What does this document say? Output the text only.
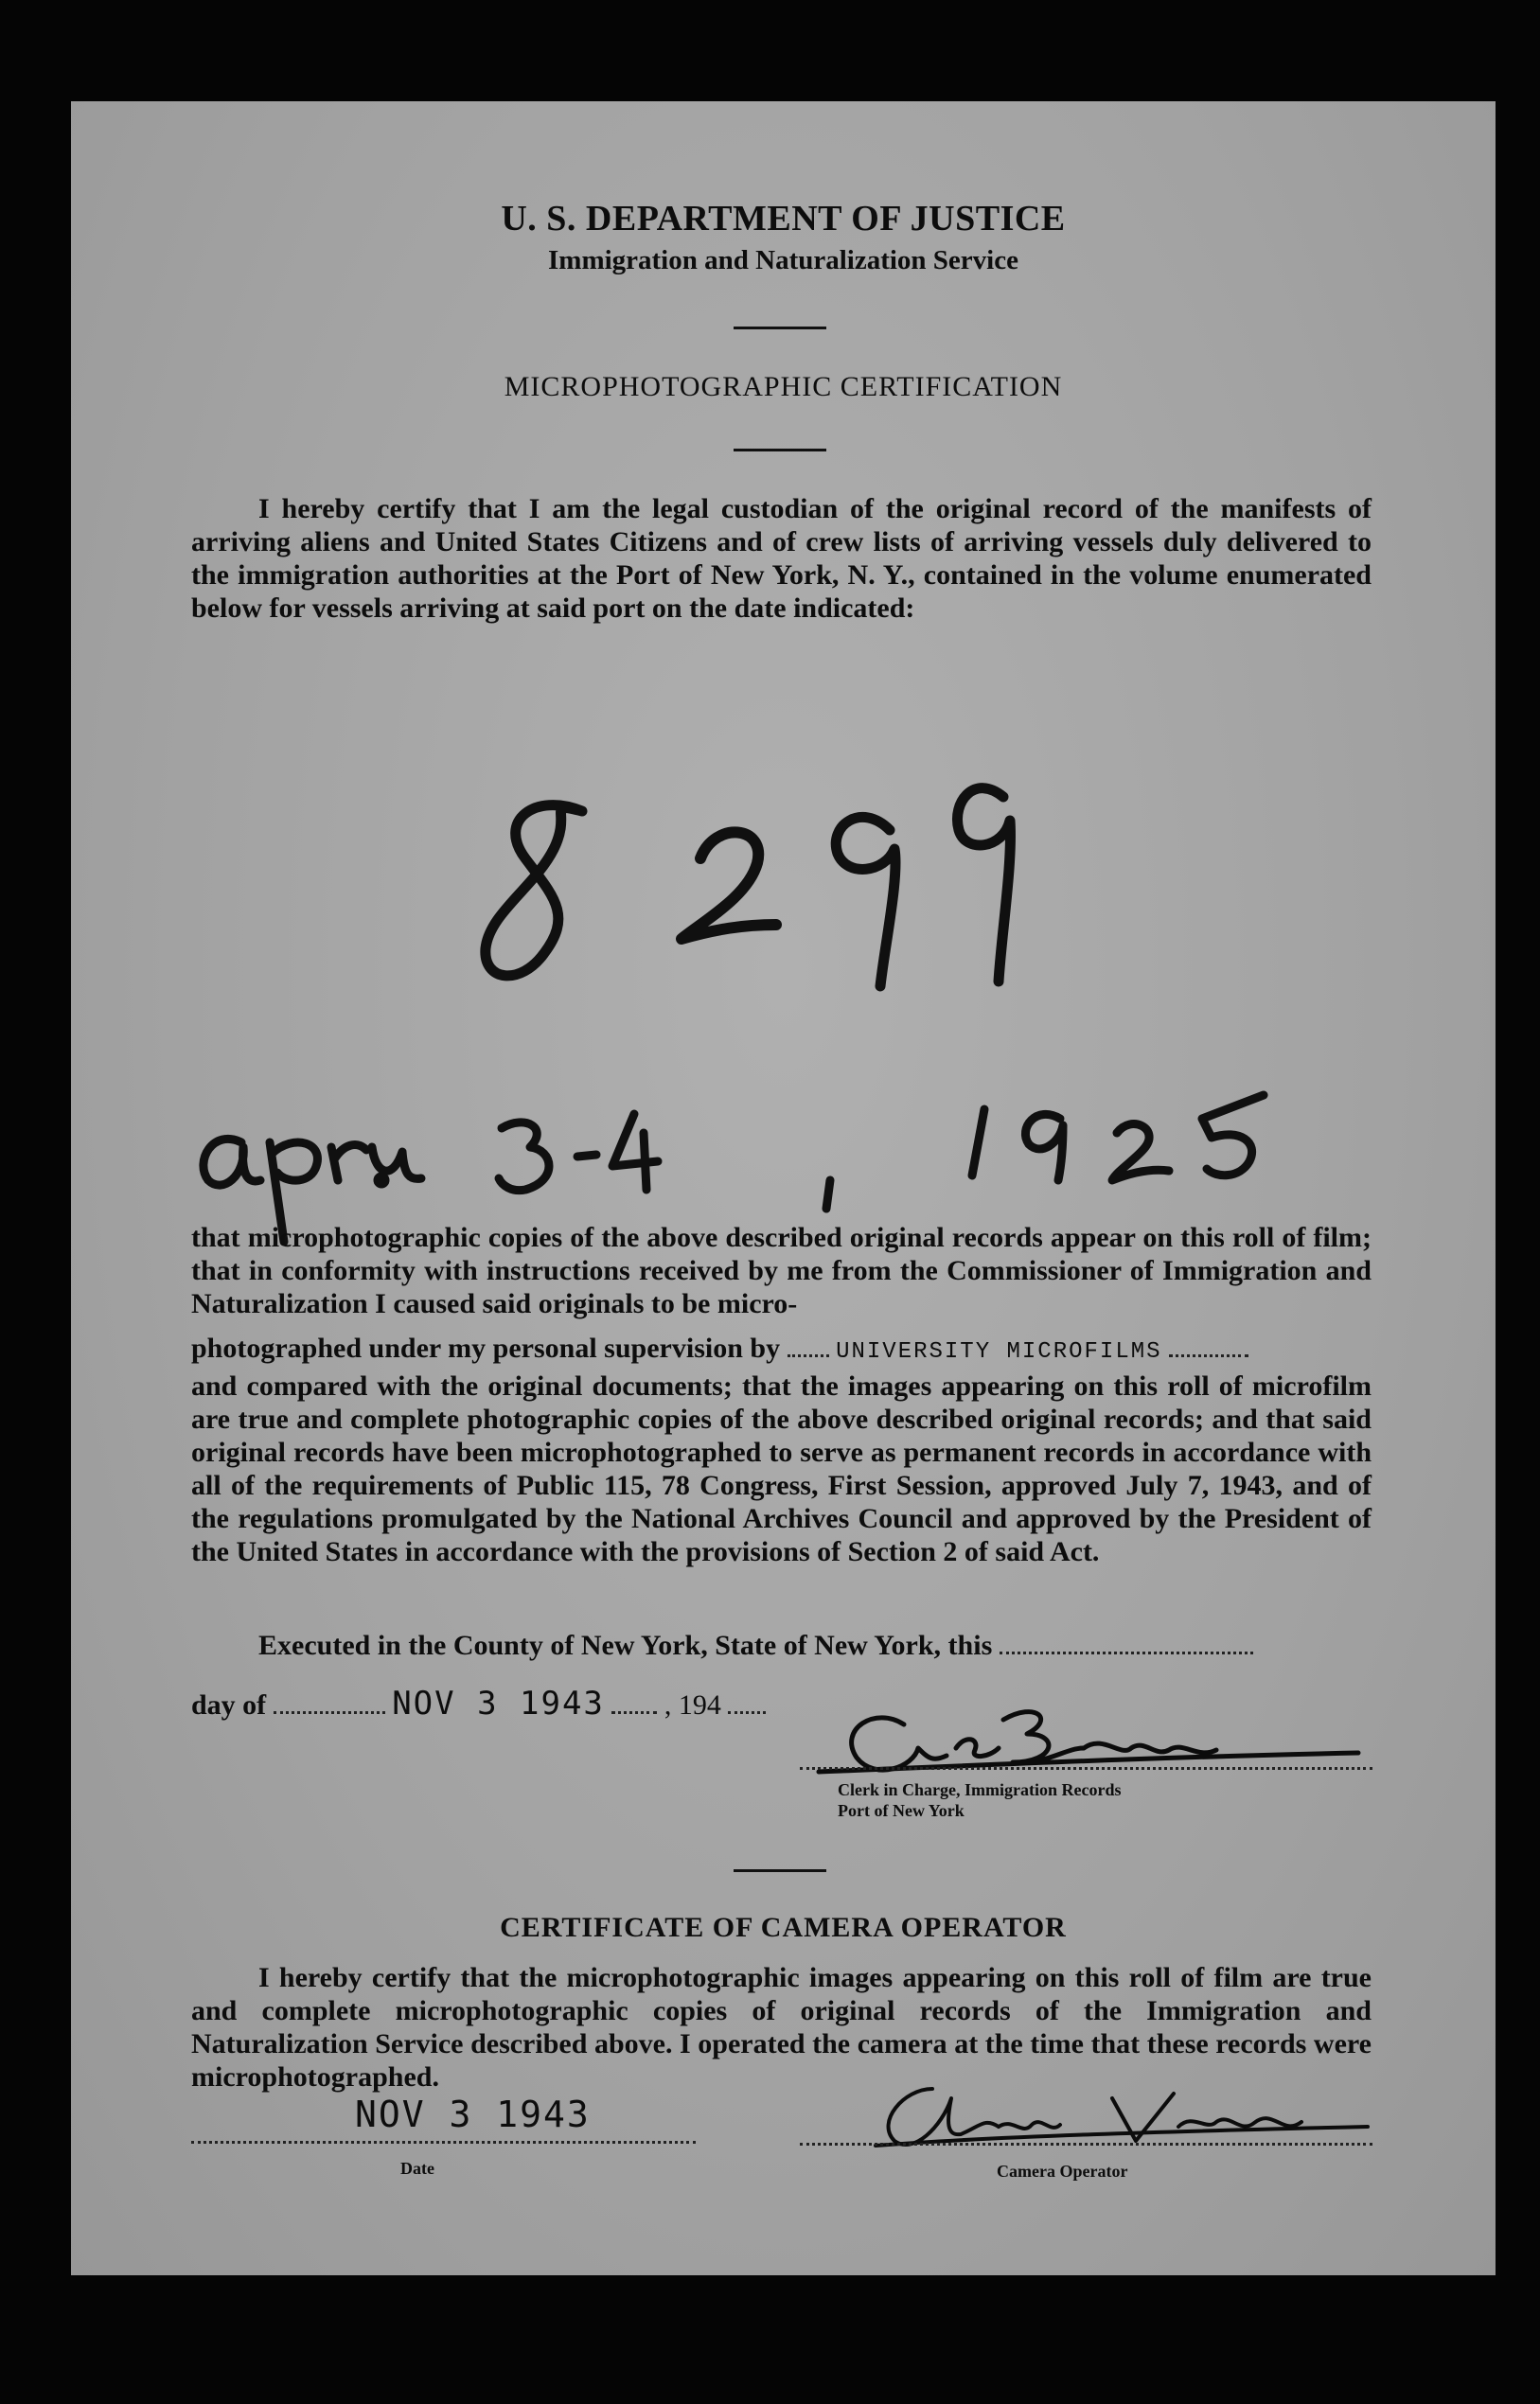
U. S. DEPARTMENT OF JUSTICE
Immigration and Naturalization Service
MICROPHOTOGRAPHIC CERTIFICATION

I hereby certify that I am the legal custodian of the original record of the manifests of arriving aliens and United States Citizens and of crew lists of arriving vessels duly delivered to the immigration authorities at the Port of New York, N. Y., contained in the volume enumerated below for vessels arriving at said port on the date indicated:

that microphotographic copies of the above described original records appear on this roll of film; that in conformity with instructions received by me from the Commissioner of Immigration and Naturalization I caused said originals to be micro-

photographed under my personal supervision by UNIVERSITY MICROFILMS

and compared with the original documents; that the images appearing on this roll of microfilm are true and complete photographic copies of the above described original records; and that said original records have been microphotographed to serve as permanent records in accordance with all of the requirements of Public 115, 78 Congress, First Session, approved July 7, 1943, and of the regulations promulgated by the National Archives Council and approved by the President of the United States in accordance with the provisions of Section 2 of said Act.

Executed in the County of New York, State of New York, this
day of	NOV 3 1943 , 194
Clerk in Charge, Immigration Records
Port of New York
CERTIFICATE OF CAMERA OPERATOR

I hereby certify that the microphotographic images appearing on this roll of film are true and complete microphotographic copies of original records of the Immigration and Naturalization Service described above. I operated the camera at the time that these records were microphotographed.

NOV 3 1943
Date	Camera Operator
